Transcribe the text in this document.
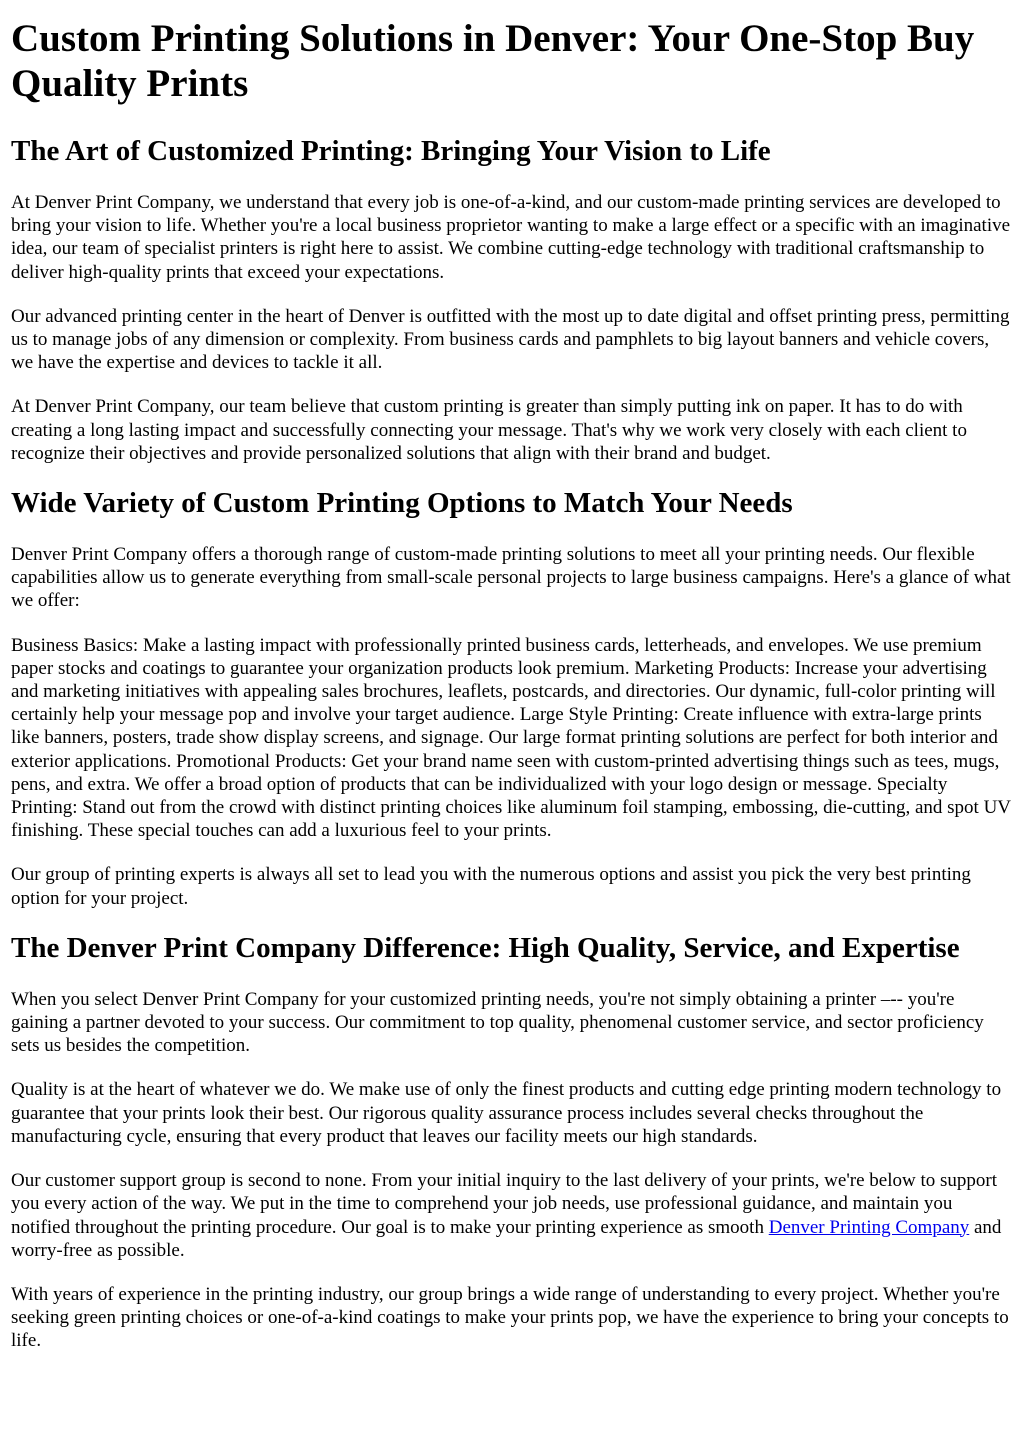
Custom Printing Solutions in Denver: Your One-Stop Buy Quality Prints
The Art of Customized Printing: Bringing Your Vision to Life

At Denver Print Company, we understand that every job is one-of-a-kind, and our custom-made printing services are developed to bring your vision to life. Whether you're a local business proprietor wanting to make a large effect or a specific with an imaginative idea, our team of specialist printers is right here to assist. We combine cutting-edge technology with traditional craftsmanship to deliver high-quality prints that exceed your expectations.

Our advanced printing center in the heart of Denver is outfitted with the most up to date digital and offset printing press, permitting us to manage jobs of any dimension or complexity. From business cards and pamphlets to big layout banners and vehicle covers, we have the expertise and devices to tackle it all.

At Denver Print Company, our team believe that custom printing is greater than simply putting ink on paper. It has to do with creating a long lasting impact and successfully connecting your message. That's why we work very closely with each client to recognize their objectives and provide personalized solutions that align with their brand and budget.

Wide Variety of Custom Printing Options to Match Your Needs

Denver Print Company offers a thorough range of custom-made printing solutions to meet all your printing needs. Our flexible capabilities allow us to generate everything from small-scale personal projects to large business campaigns. Here's a glance of what we offer:

Business Basics: Make a lasting impact with professionally printed business cards, letterheads, and envelopes. We use premium paper stocks and coatings to guarantee your organization products look premium. Marketing Products: Increase your advertising and marketing initiatives with appealing sales brochures, leaflets, postcards, and directories. Our dynamic, full-color printing will certainly help your message pop and involve your target audience. Large Style Printing: Create influence with extra-large prints like banners, posters, trade show display screens, and signage. Our large format printing solutions are perfect for both interior and exterior applications. Promotional Products: Get your brand name seen with custom-printed advertising things such as tees, mugs, pens, and extra. We offer a broad option of products that can be individualized with your logo design or message. Specialty Printing: Stand out from the crowd with distinct printing choices like aluminum foil stamping, embossing, die-cutting, and spot UV finishing. These special touches can add a luxurious feel to your prints.

Our group of printing experts is always all set to lead you with the numerous options and assist you pick the very best printing option for your project.

The Denver Print Company Difference: High Quality, Service, and Expertise

When you select Denver Print Company for your customized printing needs, you're not simply obtaining a printer –-- you're gaining a partner devoted to your success. Our commitment to top quality, phenomenal customer service, and sector proficiency sets us besides the competition.

Quality is at the heart of whatever we do. We make use of only the finest products and cutting edge printing modern technology to guarantee that your prints look their best. Our rigorous quality assurance process includes several checks throughout the manufacturing cycle, ensuring that every product that leaves our facility meets our high standards.

Our customer support group is second to none. From your initial inquiry to the last delivery of your prints, we're below to support you every action of the way. We put in the time to comprehend your job needs, use professional guidance, and maintain you notified throughout the printing procedure. Our goal is to make your printing experience as smooth Denver Printing Company and worry-free as possible.

With years of experience in the printing industry, our group brings a wide range of understanding to every project. Whether you're seeking green printing choices or one-of-a-kind coatings to make your prints pop, we have the experience to bring your concepts to life.
